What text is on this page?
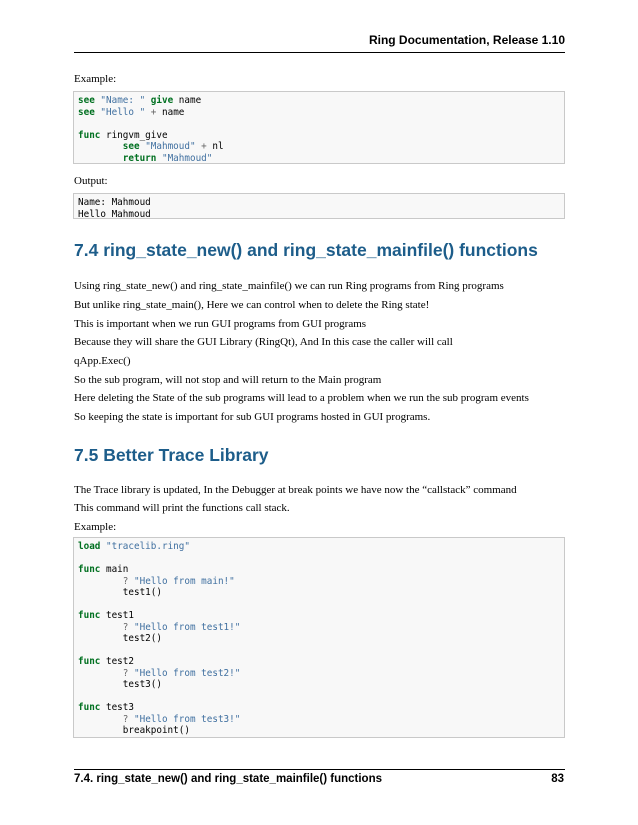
Ring Documentation, Release 1.10
Example:
see "Name: " give name
see "Hello " + name
func ringvm_give
see "Mahmoud" + nl
return "Mahmoud"
Output:
Name: Mahmoud
Hello Mahmoud
7.4 ring_state_new() and ring_state_mainfile() functions
Using ring_state_new() and ring_state_mainfile() we can run Ring programs from Ring programs
But unlike ring_state_main(), Here we can control when to delete the Ring state!
This is important when we run GUI programs from GUI programs
Because they will share the GUI Library (RingQt), And In this case the caller will call
qApp.Exec()
So the sub program, will not stop and will return to the Main program
Here deleting the State of the sub programs will lead to a problem when we run the sub program events
So keeping the state is important for sub GUI programs hosted in GUI programs.
7.5 Better Trace Library
The Trace library is updated, In the Debugger at break points we have now the “callstack” command
This command will print the functions call stack.
Example:
load "tracelib.ring"
func main
? "Hello from main!"
test1()
func test1
? "Hello from test1!"
test2()
func test2
? "Hello from test2!"
test3()
func test3
? "Hello from test3!"
breakpoint()
7.4. ring_state_new() and ring_state_mainfile() functions	83
